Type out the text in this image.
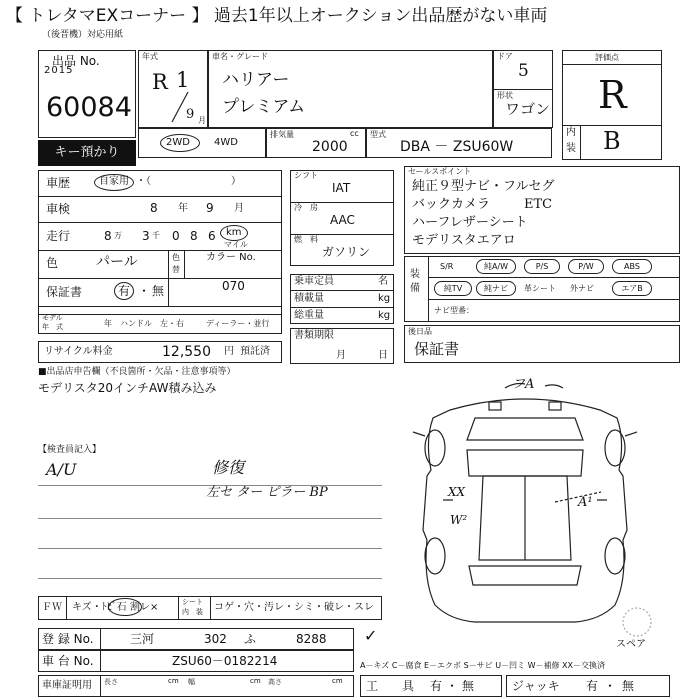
【 トレタマEXコーナー 】 過去1年以上オークション出品歴がない車両
（後晋機）対応用紙
出品 No.
2015
60084
キー預かり
年式
R 1
9 月
車名・グレード
ハリアー
プレミアム
ドア
5
形状
ワゴン
評価点
R
内
装 B
2WD 4WD
排気量	cc
2000
型式
DBA － ZSU60W
車歴	自家用 ・（　　　　　　　　）
車検	8 年 9 月
走行	8 万 3 千 0 8 6 km
マイル
色	パール	色
替
カラー No.
070
保証書	有 ・ 無
モデル
年　式	年 ハンドル　左・右	ディーラー・並行
リサイクル料金	12,550 円 預託済
シフト
IAT
冷　房
AAC
燃　料
ガソリン
乗車定員	名
積載量	kg
総重量	kg
書類期限
月	日
セールスポイント
純正９型ナビ・フルセグ
バックカメラ	ETC
ハーフレザーシート
モデリスタエアロ
装
備
S/R	純A/W	P/S	P/W	ABS
純TV	純ナビ	革シート 外ナビ	エアB
ナビ型番：
後日品
保証書
■出品店申告欄（不良箇所・欠品・注意事項等）
モデリスタ20インチAW積み込み
【検査員記入】
A/U	修復
左セ ター ピラー BP
フA
XX
W²
A¹
スペア
ＦＷ キズ・ﾄﾋﾞ石 割レ×	シート
内　装 コゲ・穴・汚レ・シミ・破レ・スレ
登 録 No.	三河	302 ふ	8288 ✓
車 台 No.	ZSU60－0182214	A－キズ C－腐食 E－エクボ S－サビ U－凹ミ W－補修 XX－交換済
車庫証明用 長さ	cm 幅	cm 高さ	cm 工　　具 有 ・ 無	ジャッキ 有 ・ 無
